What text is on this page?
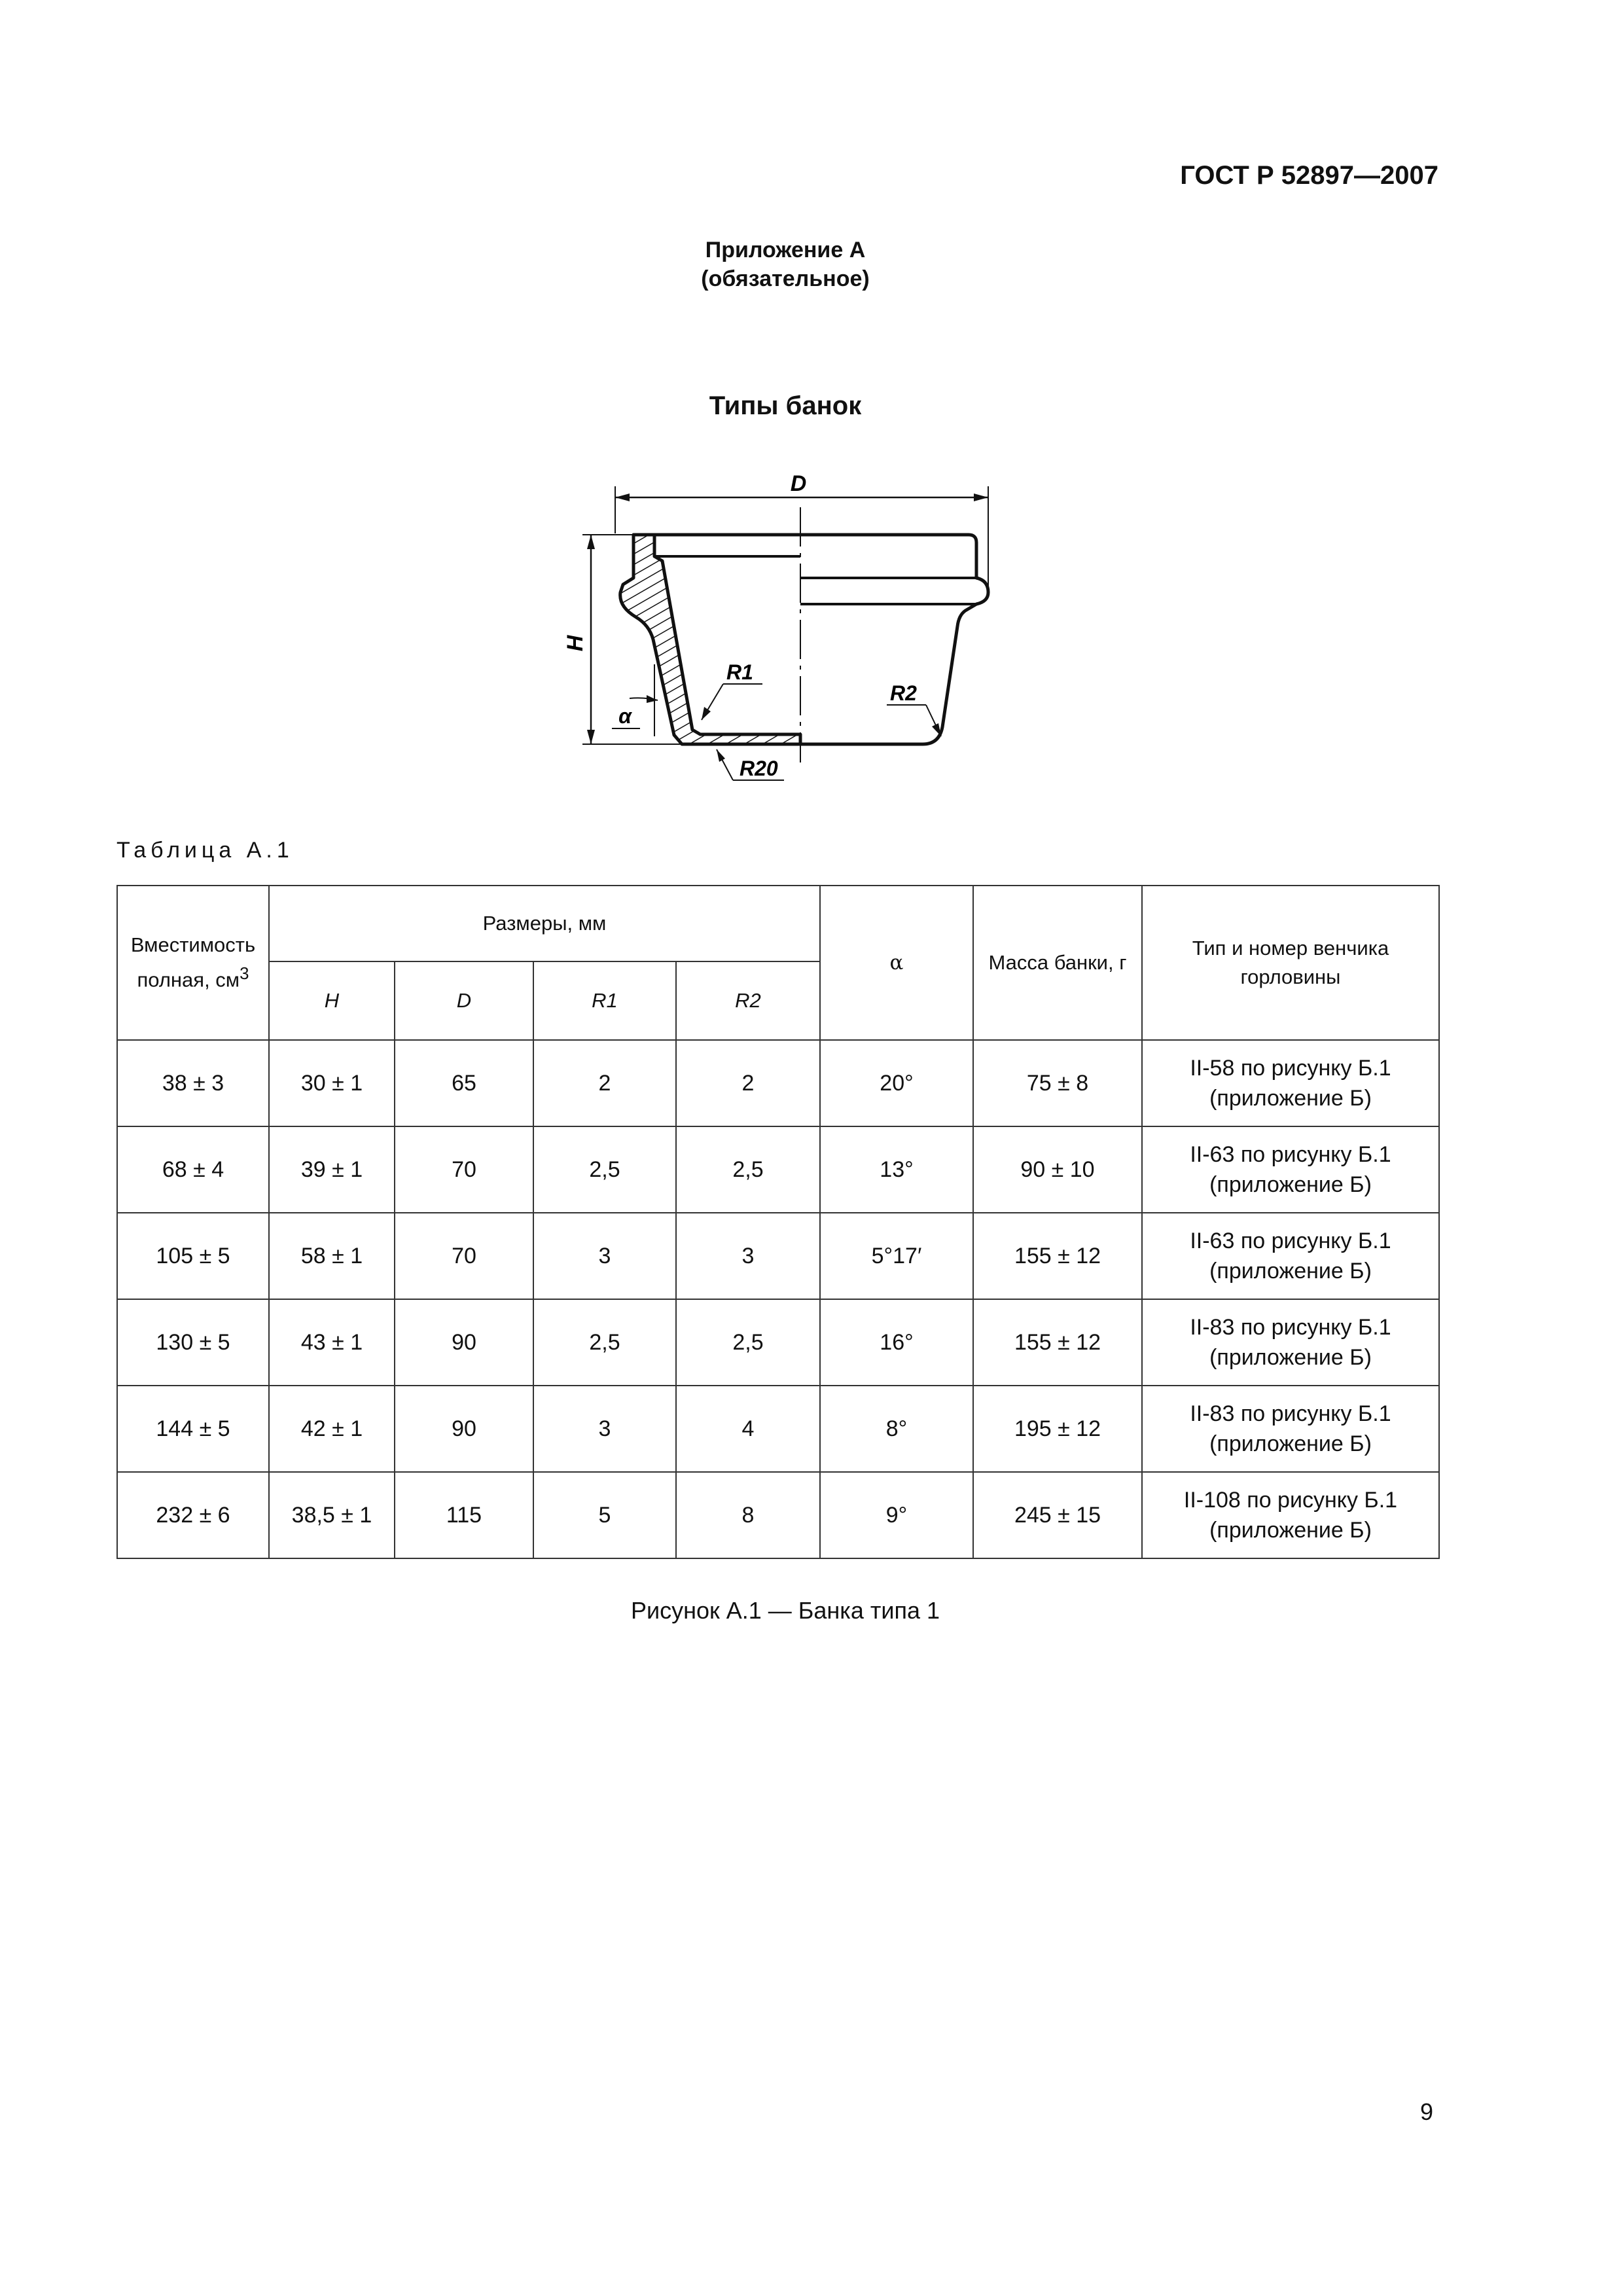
ГОСТ Р 52897—2007
Приложение А
(обязательное)
Типы банок
D
H
R1
R2
R20
α
Таблица А.1
Вместимость полная, $см^3$	Размеры, мм				α	Масса банки, г	Тип и номер венчика горловины
	H	D	R1	R2			
38 ± 3	30 ± 1	65	2	2	20°	75 ± 8	II-58 по рисунку Б.1
(приложение Б)

68 ± 4	39 ± 1	70	2,5	2,5	13°	90 ± 10	II-63 по рисунку Б.1
(приложение Б)

105 ± 5	58 ± 1	70	3	3	5°17′	155 ± 12	II-63 по рисунку Б.1
(приложение Б)

130 ± 5	43 ± 1	90	2,5	2,5	16°	155 ± 12	II-83 по рисунку Б.1
(приложение Б)

144 ± 5	42 ± 1	90	3	4	8°	195 ± 12	II-83 по рисунку Б.1
(приложение Б)

232 ± 6	38,5 ± 1	115	5	8	9°	245 ± 15	II-108 по рисунку Б.1
(приложение Б)
Рисунок А.1 — Банка типа 1
9
